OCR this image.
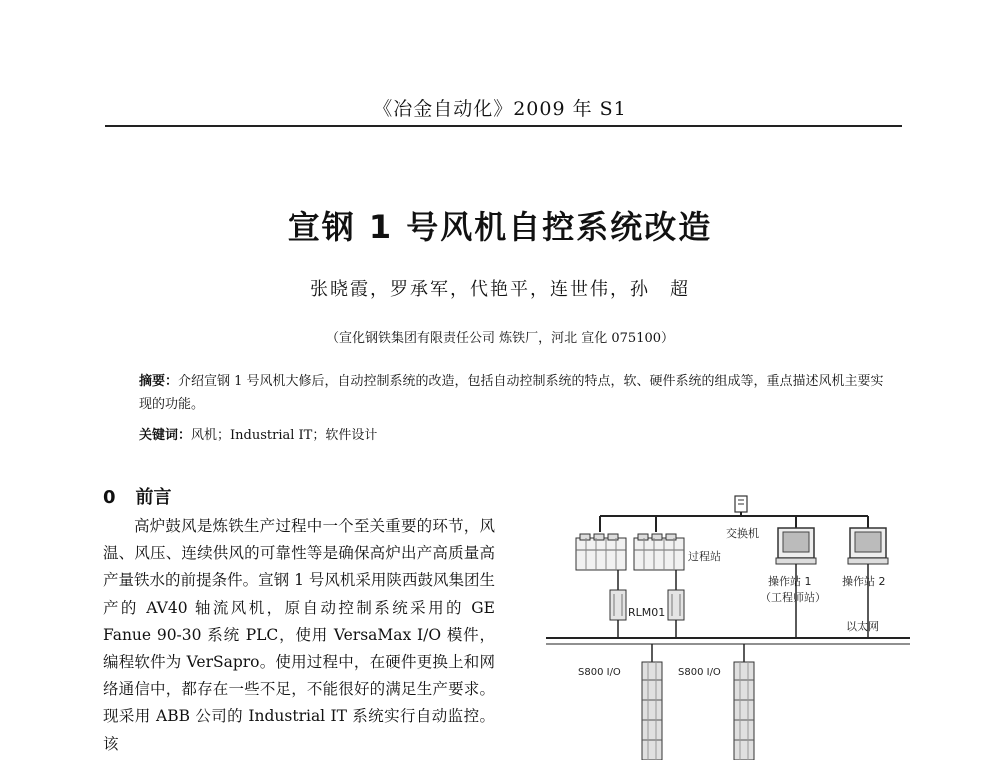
《冶金自动化》2009 年 S1
宣钢 1 号风机自控系统改造
张晓霞，罗承军，代艳平，连世伟，孙　超
（宣化钢铁集团有限责任公司 炼铁厂，河北 宣化 075100）
摘要：介绍宣钢 1 号风机大修后，自动控制系统的改造，包括自动控制系统的特点，软、硬件系统的组成等，重点描述风机主要实现的功能。
关键词：风机；Industrial IT；软件设计
0 前言

高炉鼓风是炼铁生产过程中一个至关重要的环节，风温、风压、连续供风的可靠性等是确保高炉出产高质量高产量铁水的前提条件。宣钢 1 号风机采用陕西鼓风集团生产的 AV40 轴流风机，原自动控制系统采用的 GE Fanue 90-30 系统 PLC，使用 VersaMax I/O 模件，编程软件为 VerSapro。使用过程中，在硬件更换上和网络通信中，都存在一些不足，不能很好的满足生产要求。现采用 ABB 公司的 Industrial IT 系统实行自动监控。该

交换机
过程站
操作站 1
（工程师站）
操作站 2
RLM01
以太网
S800 I/O	S800 I/O
